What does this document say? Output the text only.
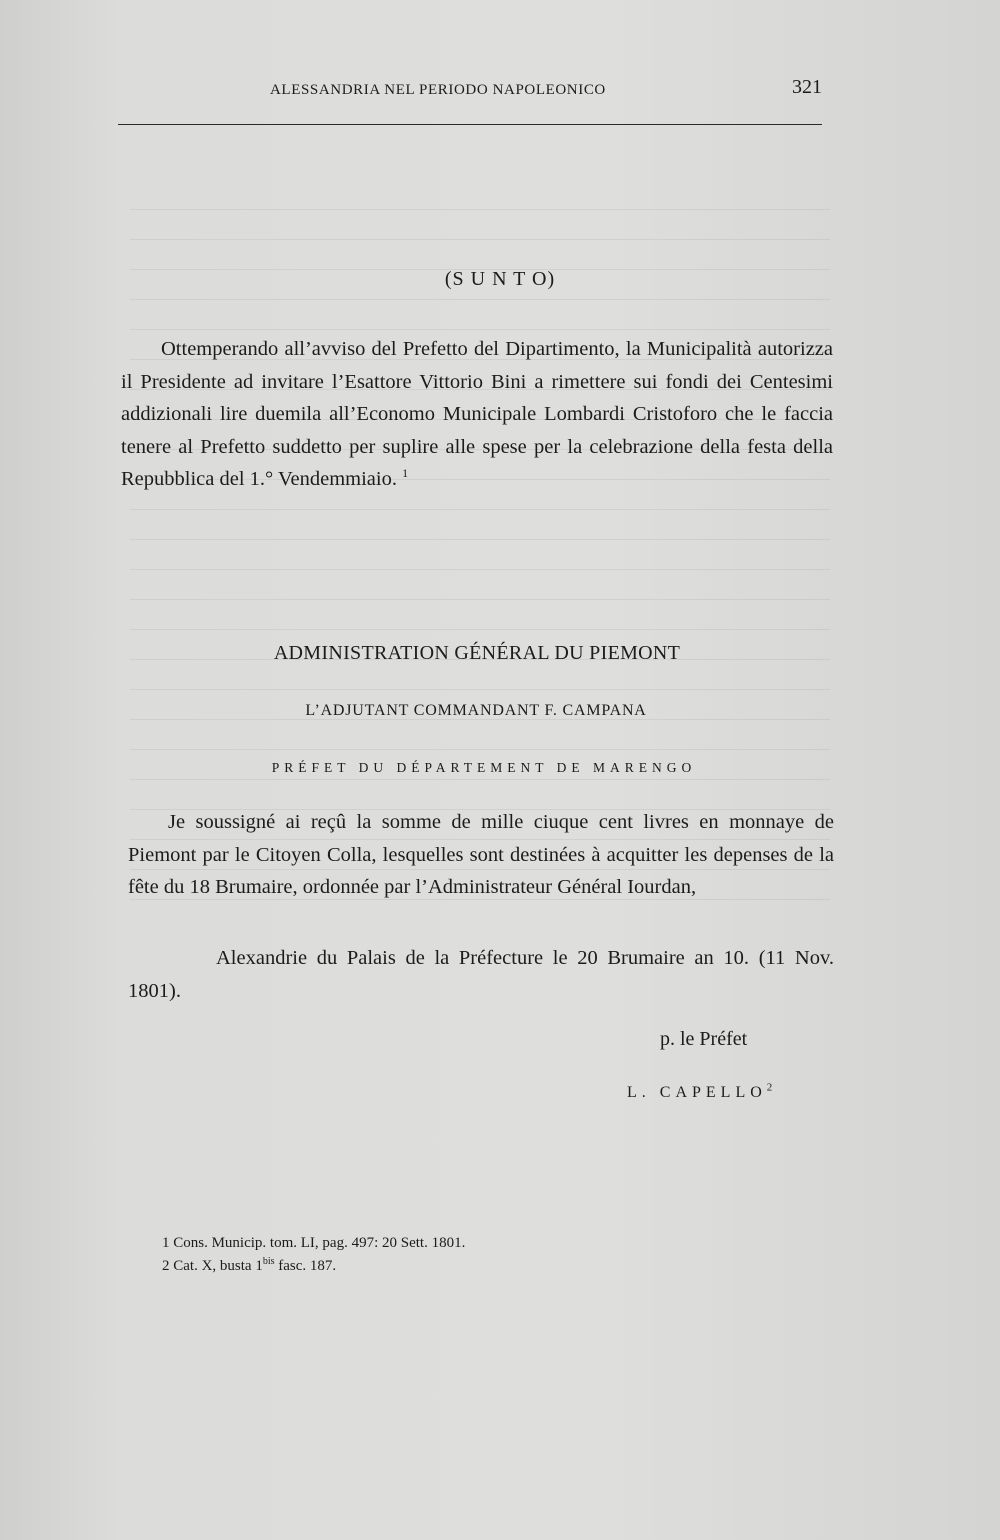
ALESSANDRIA NEL PERIODO NAPOLEONICO	321
(S U N T O)
Ottemperando all’avviso del Prefetto del Dipartimento, la Municipalità autorizza il Presidente ad invitare l’Esattore Vittorio Bini a rimettere sui fondi dei Centesimi addizionali lire duemila all’Economo Municipale Lombardi Cristoforo che le faccia tenere al Prefetto suddetto per suplire alle spese per la celebrazione della festa della Repubblica del 1.° Vendemmiaio. $^1$
ADMINISTRATION GÉNÉRAL DU PIEMONT
L’ADJUTANT COMMANDANT F. CAMPANA
PRÉFET DU DÉPARTEMENT DE MARENGO
Je soussigné ai reçû la somme de mille ciuque cent livres en monnaye de Piemont par le Citoyen Colla, lesquelles sont destinées à acquitter les depenses de la fête du 18 Brumaire, ordonnée par l’Administrateur Général Iourdan,
Alexandrie du Palais de la Préfecture le 20 Brumaire an 10. (11 Nov. 1801).
p. le Préfet
L. CAPELLO$^2$
1 Cons. Municip. tom. LI, pag. 497: 20 Sett. 1801.
2 Cat. X, busta 1$^{bis}$ fasc. 187.
